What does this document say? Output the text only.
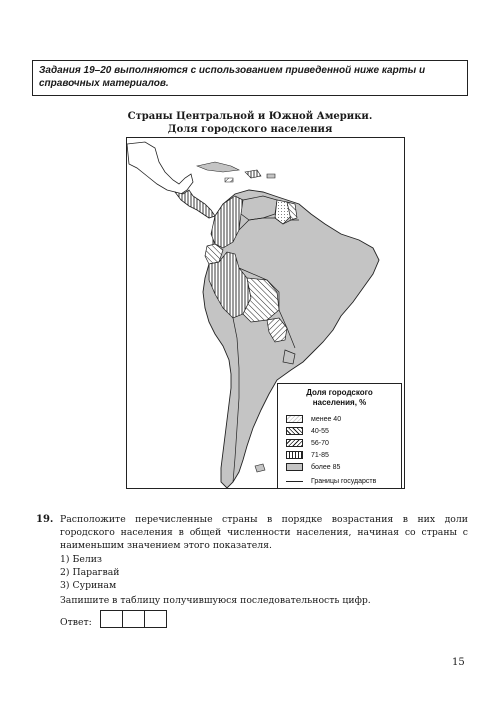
Задания 19–20 выполняются с использованием приведенной ниже карты и справочных материалов.
Страны Центральной и Южной Америки.
Доля городского населения
Доля городского
населения, %
менее 40
40-55
56-70
71-85
более 85
Границы государств
19. Расположите перечисленные страны в порядке возрастания в них доли городского населения в общей численности населения, начиная со страны с наименьшим значением этого показателя.
1) Белиз
2) Парагвай
3) Суринам
Запишите в таблицу получившуюся последовательность цифр.
Ответ:
15
